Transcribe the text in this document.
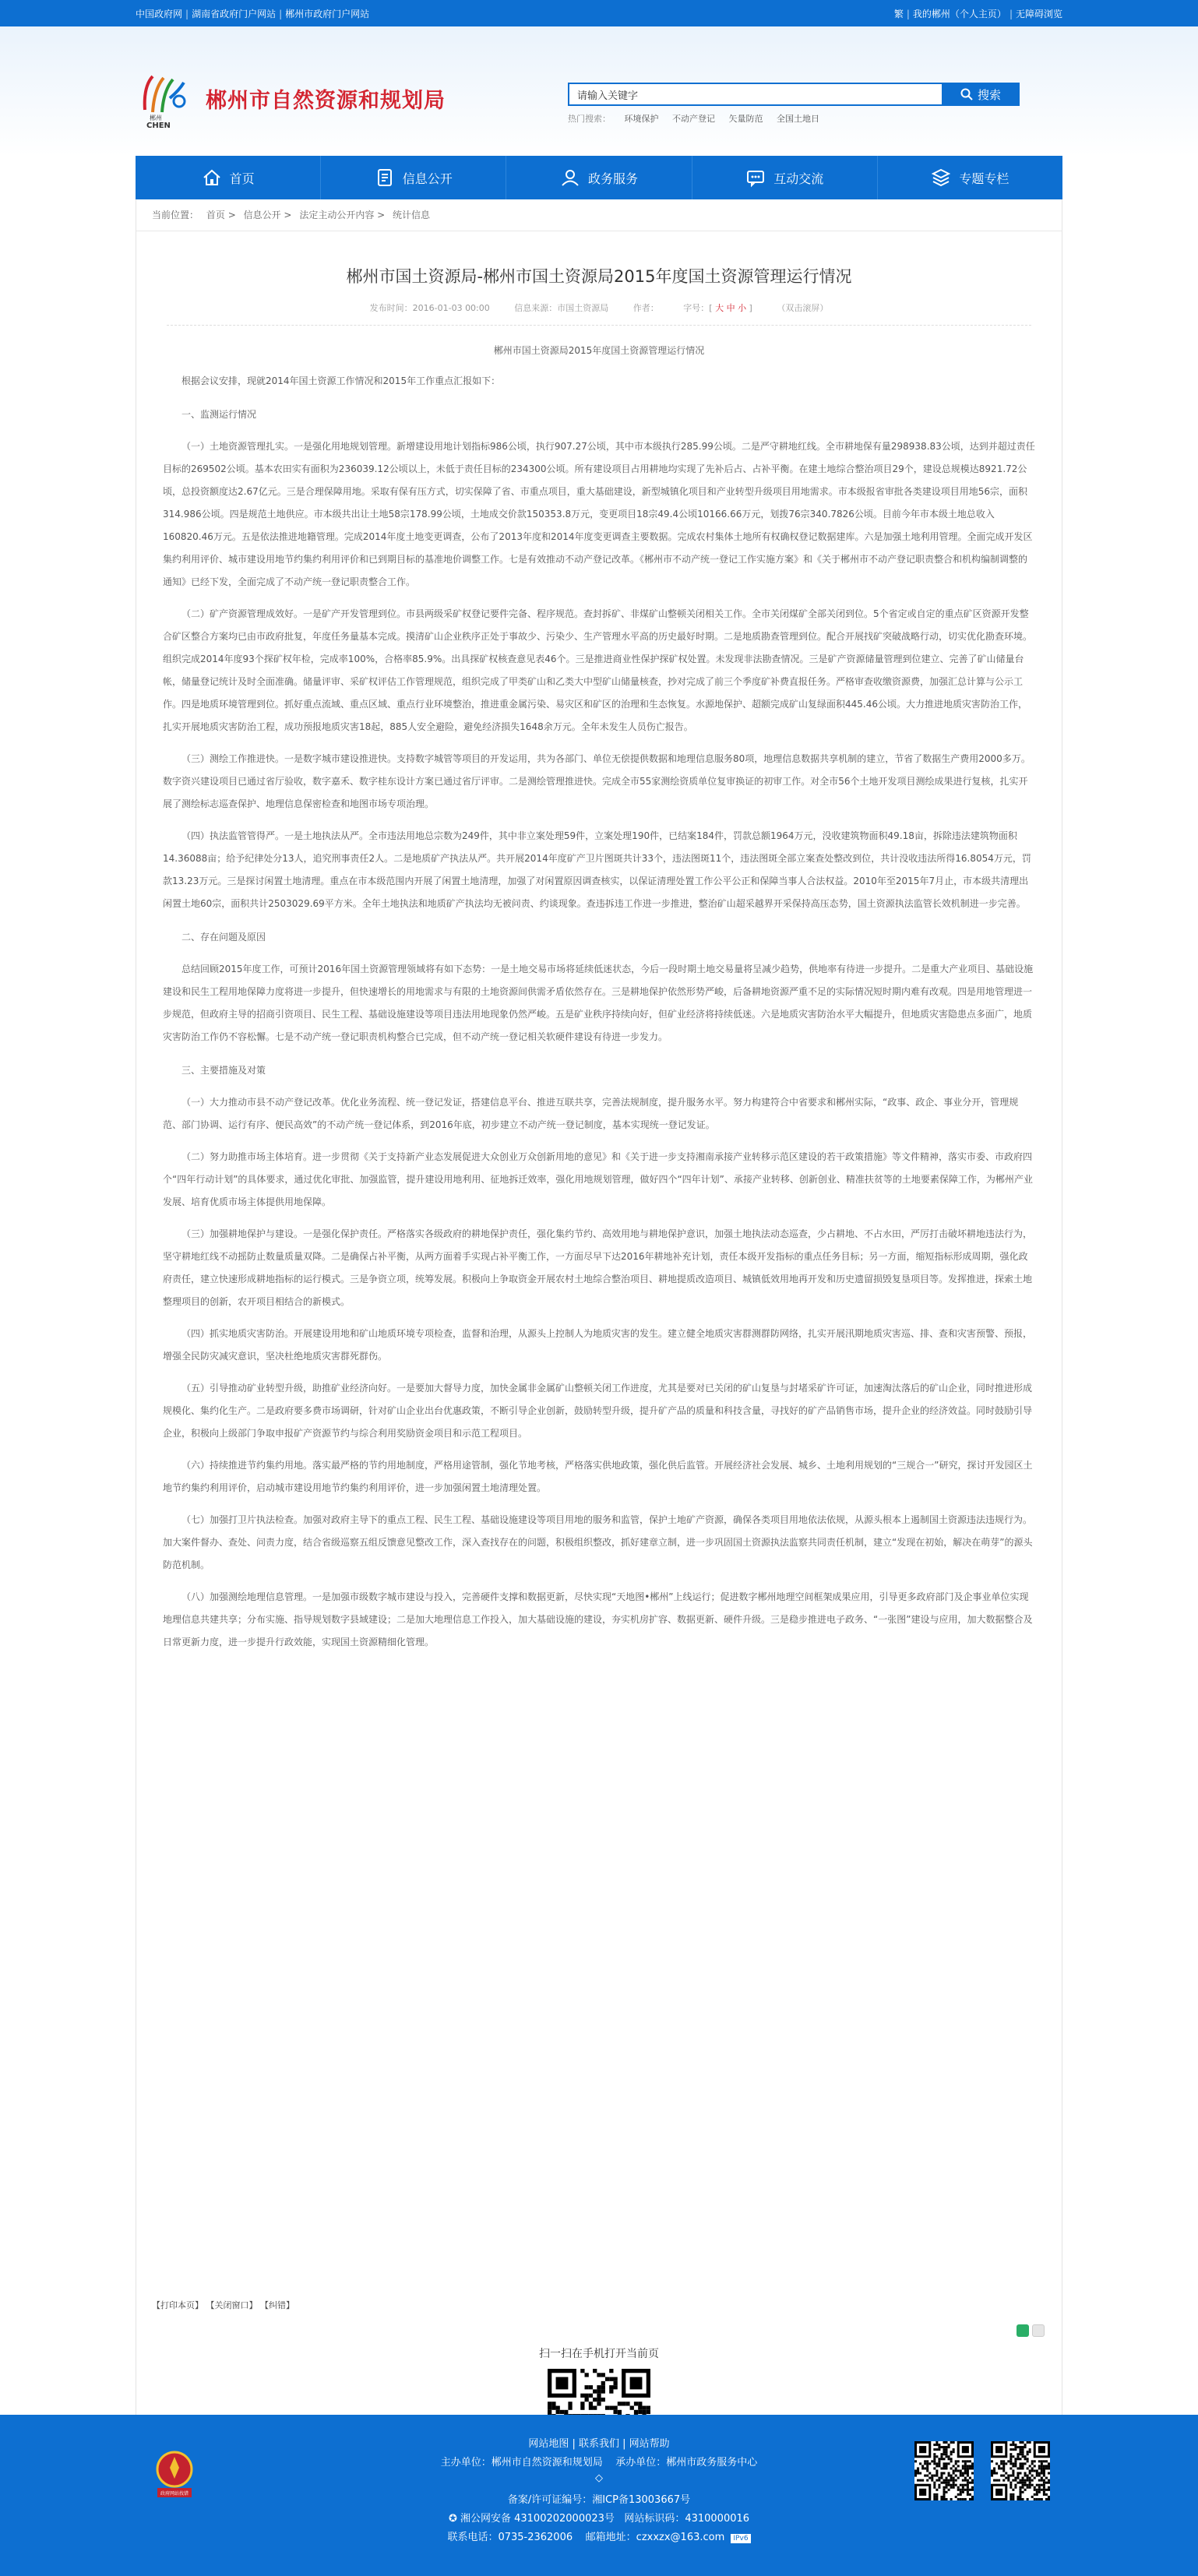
中国政府网 | 湖南省政府门户网站 | 郴州市政府门户网站	繁 | 我的郴州（个人主页） | 无障碍浏览
郴州
CHEN
郴州市自然资源和规划局
请输入关键字	搜索
热门搜索： 环境保护 不动产登记 矢量防范 全国土地日
首页	信息公开	政务服务	互动交流	专题专栏
当前位置： 首页 > 信息公开 > 法定主动公开内容 > 统计信息
郴州市国土资源局-郴州市国土资源局2015年度国土资源管理运行情况
发布时间：2016-01-03 00:00	信息来源：市国土资源局	作者：	字号：[ 大 中 小 ]	（双击滚屏）

郴州市国土资源局2015年度国土资源管理运行情况

根据会议安排，现就2014年国土资源工作情况和2015年工作重点汇报如下：

一、监测运行情况

（一）土地资源管理扎实。一是强化用地规划管理。新增建设用地计划指标986公顷，执行907.27公顷，其中市本级执行285.99公顷。二是严守耕地红线。全市耕地保有量298938.83公顷，达到并超过责任目标的269502公顷。基本农田实有面积为236039.12公顷以上，未低于责任目标的234300公顷。所有建设项目占用耕地均实现了先补后占、占补平衡。在建土地综合整治项目29个，建设总规模达8921.72公顷，总投资额度达2.67亿元。三是合理保障用地。采取有保有压方式，切实保障了省、市重点项目，重大基础建设，新型城镇化项目和产业转型升级项目用地需求。市本级报省审批各类建设项目用地56宗，面积314.986公顷。四是规范土地供应。市本级共出让土地58宗178.99公顷，土地成交价款150353.8万元，变更项目18宗49.4公顷10166.66万元，划拨76宗340.7826公顷。目前今年市本级土地总收入160820.46万元。五是依法推进地籍管理。完成2014年度土地变更调查，公布了2013年度和2014年度变更调查主要数据。完成农村集体土地所有权确权登记数据建库。六是加强土地利用管理。全面完成开发区集约利用评价、城市建设用地节约集约利用评价和已到期目标的基准地价调整工作。七是有效推动不动产登记改革。《郴州市不动产统一登记工作实施方案》和《关于郴州市不动产登记职责整合和机构编制调整的通知》已经下发，全面完成了不动产统一登记职责整合工作。

（二）矿产资源管理成效好。一是矿产开发管理到位。市县两级采矿权登记要件完备、程序规范。查封拆矿、非煤矿山整顿关闭相关工作。全市关闭煤矿全部关闭到位。5个省定或自定的重点矿区资源开发整合矿区整合方案均已由市政府批复，年度任务量基本完成。摸清矿山企业秩序正处于事故少、污染少、生产管理水平高的历史最好时期。二是地质勘查管理到位。配合开展找矿突破战略行动，切实优化勘查环境。组织完成2014年度93个探矿权年检，完成率100%，合格率85.9%。出具探矿权核查意见表46个。三是推进商业性保护探矿权处置。未发现非法勘查情况。三是矿产资源储量管理到位建立、完善了矿山储量台帐，储量登记统计及时全面准确。储量评审、采矿权评估工作管理规范，组织完成了甲类矿山和乙类大中型矿山储量核查，抄对完成了前三个季度矿补费直报任务。严格审查收缴资源费，加强汇总计算与公示工作。四是地质环境管理到位。抓好重点流域、重点区域、重点行业环境整治，推进重金属污染、易灾区和矿区的治理和生态恢复。水源地保护、超额完成矿山复绿面积445.46公顷。大力推进地质灾害防治工作，扎实开展地质灾害防治工程，成功预报地质灾害18起，885人安全避险，避免经济损失1648余万元。全年未发生人员伤亡报告。

（三）测绘工作推进快。一是数字城市建设推进快。支持数字城管等项目的开发运用，共为各部门、单位无偿提供数据和地理信息服务80项，地理信息数据共享机制的建立，节省了数据生产费用2000多万。数字资兴建设项目已通过省厅验收，数字嘉禾、数字桂东设计方案已通过省厅评审。二是测绘管理推进快。完成全市55家测绘资质单位复审换证的初审工作。对全市56个土地开发项目测绘成果进行复核，扎实开展了测绘标志巡查保护、地理信息保密检查和地图市场专项治理。

（四）执法监管管得严。一是土地执法从严。全市违法用地总宗数为249件，其中非立案处理59件，立案处理190件，已结案184件，罚款总额1964万元，没收建筑物面积49.18亩，拆除违法建筑物面积14.36088亩；给予纪律处分13人，追究刑事责任2人。二是地质矿产执法从严。共开展2014年度矿产卫片图斑共计33个，违法图斑11个，违法图斑全部立案查处整改到位，共计没收违法所得16.8054万元，罚款13.23万元。三是探讨闲置土地清理。重点在市本级范围内开展了闲置土地清理，加强了对闲置原因调查核实，以保证清理处置工作公平公正和保障当事人合法权益。2010年至2015年7月止，市本级共清理出闲置土地60宗，面积共计2503029.69平方米。全年土地执法和地质矿产执法均无被问责、约谈现象。查违拆违工作进一步推进，整治矿山超采越界开采保持高压态势，国土资源执法监管长效机制进一步完善。

二、存在问题及原因

总结回顾2015年度工作，可预计2016年国土资源管理领域将有如下态势：一是土地交易市场将延续低迷状态，今后一段时期土地交易量将呈减少趋势，供地率有待进一步提升。二是重大产业项目、基础设施建设和民生工程用地保障力度将进一步提升，但快速增长的用地需求与有限的土地资源间供需矛盾依然存在。三是耕地保护依然形势严峻，后备耕地资源严重不足的实际情况短时期内难有改观。四是用地管理进一步规范，但政府主导的招商引资项目、民生工程、基础设施建设等项目违法用地现象仍然严峻。五是矿业秩序持续向好，但矿业经济将持续低迷。六是地质灾害防治水平大幅提升，但地质灾害隐患点多面广，地质灾害防治工作仍不容松懈。七是不动产统一登记职责机构整合已完成，但不动产统一登记相关软硬件建设有待进一步发力。

三、主要措施及对策

（一）大力推动市县不动产登记改革。优化业务流程、统一登记发证，搭建信息平台、推进互联共享，完善法规制度，提升服务水平。努力构建符合中省要求和郴州实际，“政事、政企、事业分开，管理规范、部门协调、运行有序、便民高效”的不动产统一登记体系，到2016年底，初步建立不动产统一登记制度，基本实现统一登记发证。

（二）努力助推市场主体培育。进一步贯彻《关于支持新产业态发展促进大众创业万众创新用地的意见》和《关于进一步支持湘南承接产业转移示范区建设的若干政策措施》等文件精神，落实市委、市政府四个“四年行动计划”的具体要求，通过优化审批、加强监管，提升建设用地利用、征地拆迁效率，强化用地规划管理，做好四个“四年计划”、承接产业转移、创新创业、精准扶贫等的土地要素保障工作，为郴州产业发展、培育优质市场主体提供用地保障。

（三）加强耕地保护与建设。一是强化保护责任。严格落实各级政府的耕地保护责任，强化集约节约、高效用地与耕地保护意识，加强土地执法动态巡查，少占耕地、不占水田，严厉打击破坏耕地违法行为，坚守耕地红线不动摇防止数量质量双降。二是确保占补平衡，从两方面着手实现占补平衡工作，一方面尽早下达2016年耕地补充计划，责任本级开发指标的重点任务目标；另一方面，缩短指标形成周期，强化政府责任，建立快速形成耕地指标的运行模式。三是争资立项，统筹发展。积极向上争取资金开展农村土地综合整治项目、耕地提质改造项目、城镇低效用地再开发和历史遗留损毁复垦项目等。发挥推进，探索土地整理项目的创新，农开项目相结合的新模式。

（四）抓实地质灾害防治。开展建设用地和矿山地质环境专项检查，监督和治理，从源头上控制人为地质灾害的发生。建立健全地质灾害群测群防网络，扎实开展汛期地质灾害巡、排、查和灾害预警、预报，增强全民防灾减灾意识，坚决杜绝地质灾害群死群伤。

（五）引导推动矿业转型升级，助推矿业经济向好。一是要加大督导力度，加快金属非金属矿山整顿关闭工作进度，尤其是要对已关闭的矿山复垦与封堵采矿许可证，加速淘汰落后的矿山企业，同时推进形成规模化、集约化生产。二是政府要多费市场调研，针对矿山企业出台优惠政策，不断引导企业创新，鼓励转型升级，提升矿产品的质量和科技含量，寻找好的矿产品销售市场，提升企业的经济效益。同时鼓励引导企业，积极向上级部门争取申报矿产资源节约与综合利用奖励资金项目和示范工程项目。

（六）持续推进节约集约用地。落实最严格的节约用地制度，严格用途管制，强化节地考核，严格落实供地政策，强化供后监管。开展经济社会发展、城乡、土地利用规划的“三规合一”研究，探讨开发园区土地节约集约利用评价，启动城市建设用地节约集约利用评价，进一步加强闲置土地清理处置。

（七）加强打卫片执法检查。加强对政府主导下的重点工程、民生工程、基础设施建设等项目用地的服务和监管，保护土地矿产资源，确保各类项目用地依法依规，从源头根本上遏制国土资源违法违规行为。加大案件督办、查处、问责力度，结合省级巡察五组反馈意见整改工作，深入查找存在的问题，积极组织整改，抓好建章立制，进一步巩固国土资源执法监察共同责任机制，建立“发现在初始，解决在萌芽”的源头防范机制。

（八）加强测绘地理信息管理。一是加强市级数字城市建设与投入，完善硬件支撑和数据更新，尽快实现“天地图•郴州”上线运行；促进数字郴州地理空间框架成果应用，引导更多政府部门及企事业单位实现地理信息共建共享；分布实施、指导规划数字县域建设；二是加大地理信息工作投入，加大基础设施的建设，夯实机房扩容、数据更新、硬件升级。三是稳步推进电子政务、“一张图”建设与应用，加大数据整合及日常更新力度，进一步提升行政效能，实现国土资源精细化管理。

【打印本页】 【关闭窗口】 【纠错】
扫一扫在手机打开当前页
政府网站找错
网站地图 | 联系我们 | 网站帮助
主办单位：郴州市自然资源和规划局 承办单位：郴州市政务服务中心
◇
备案/许可证编号：湘ICP备13003667号
✪ 湘公网安备 43100202000023号 网站标识码：4310000016
联系电话：0735-2362006 邮箱地址：czxxzx@163.com IPv6
